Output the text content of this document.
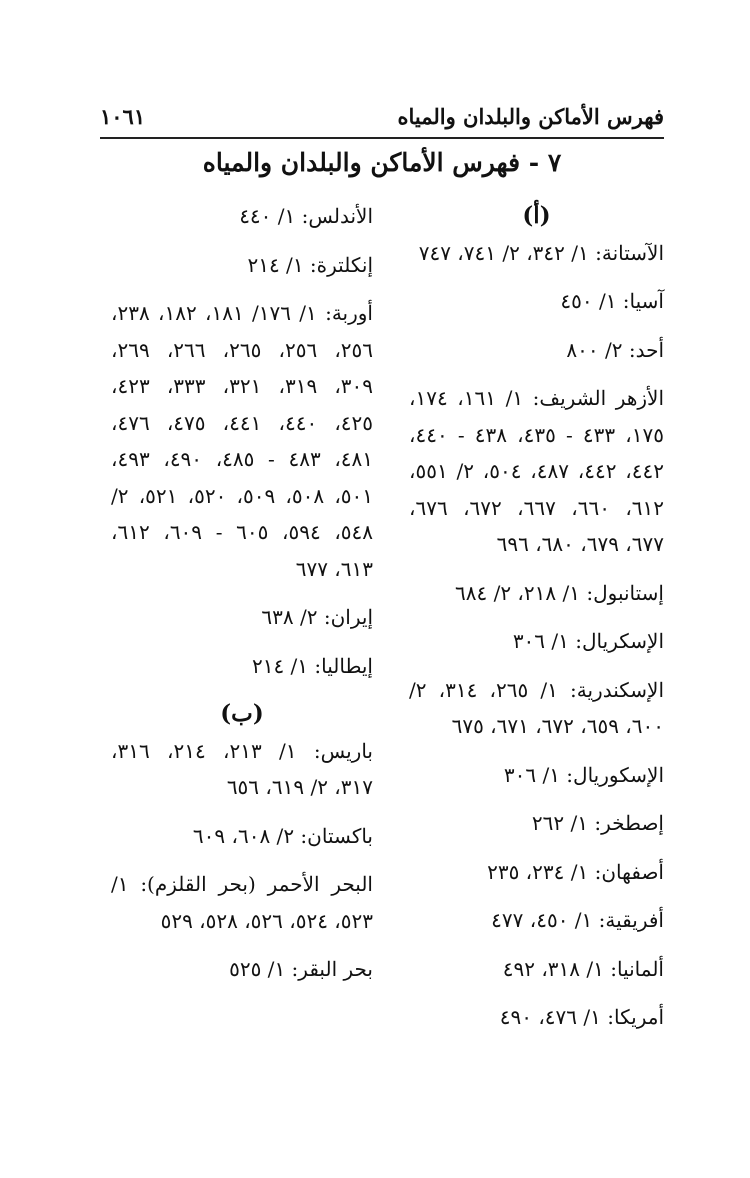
فهرس الأماكن والبلدان والمياه
١٠٦١
٧ - فهرس الأماكن والبلدان والمياه
(أ)
الآستانة: ١/ ٣٤٢، ٢/ ٧٤١، ٧٤٧
آسيا: ١/ ٤٥٠
أحد: ٢/ ٨٠٠
الأزهر الشريف: ١/ ١٦١، ١٧٤، ١٧٥، ٤٣٣ - ٤٣٥، ٤٣٨ - ٤٤٠، ٤٤٢، ٤٤٢، ٤٨٧، ٥٠٤، ٢/ ٥٥١، ٦١٢، ٦٦٠، ٦٦٧، ٦٧٢، ٦٧٦، ٦٧٧، ٦٧٩، ٦٨٠، ٦٩٦
إستانبول: ١/ ٢١٨، ٢/ ٦٨٤
الإسكريال: ١/ ٣٠٦
الإسكندرية: ١/ ٢٦٥، ٣١٤، ٢/ ٦٠٠، ٦٥٩، ٦٧٢، ٦٧١، ٦٧٥
الإسكوريال: ١/ ٣٠٦
إصطخر: ١/ ٢٦٢
أصفهان: ١/ ٢٣٤، ٢٣٥
أفريقية: ١/ ٤٥٠، ٤٧٧
ألمانيا: ١/ ٣١٨، ٤٩٢
أمريكا: ١/ ٤٧٦، ٤٩٠
الأندلس: ١/ ٤٤٠
إنكلترة: ١/ ٢١٤
أوربة: ١/ ١٧٦/ ١٨١، ١٨٢، ٢٣٨، ٢٥٦، ٢٥٦، ٢٦٥، ٢٦٦، ٢٦٩، ٣٠٩، ٣١٩، ٣٢١، ٣٣٣، ٤٢٣، ٤٢٥، ٤٤٠، ٤٤١، ٤٧٥، ٤٧٦، ٤٨١، ٤٨٣ - ٤٨٥، ٤٩٠، ٤٩٣، ٥٠١، ٥٠٨، ٥٠٩، ٥٢٠، ٥٢١، ٢/ ٥٤٨، ٥٩٤، ٦٠٥ - ٦٠٩، ٦١٢، ٦١٣، ٦٧٧
إيران: ٢/ ٦٣٨
إيطاليا: ١/ ٢١٤
(ب)
باريس: ١/ ٢١٣، ٢١٤، ٣١٦، ٣١٧، ٢/ ٦١٩، ٦٥٦
باكستان: ٢/ ٦٠٨، ٦٠٩
البحر الأحمر (بحر القلزم): ١/ ٥٢٣، ٥٢٤، ٥٢٦، ٥٢٨، ٥٢٩
بحر البقر: ١/ ٥٢٥
